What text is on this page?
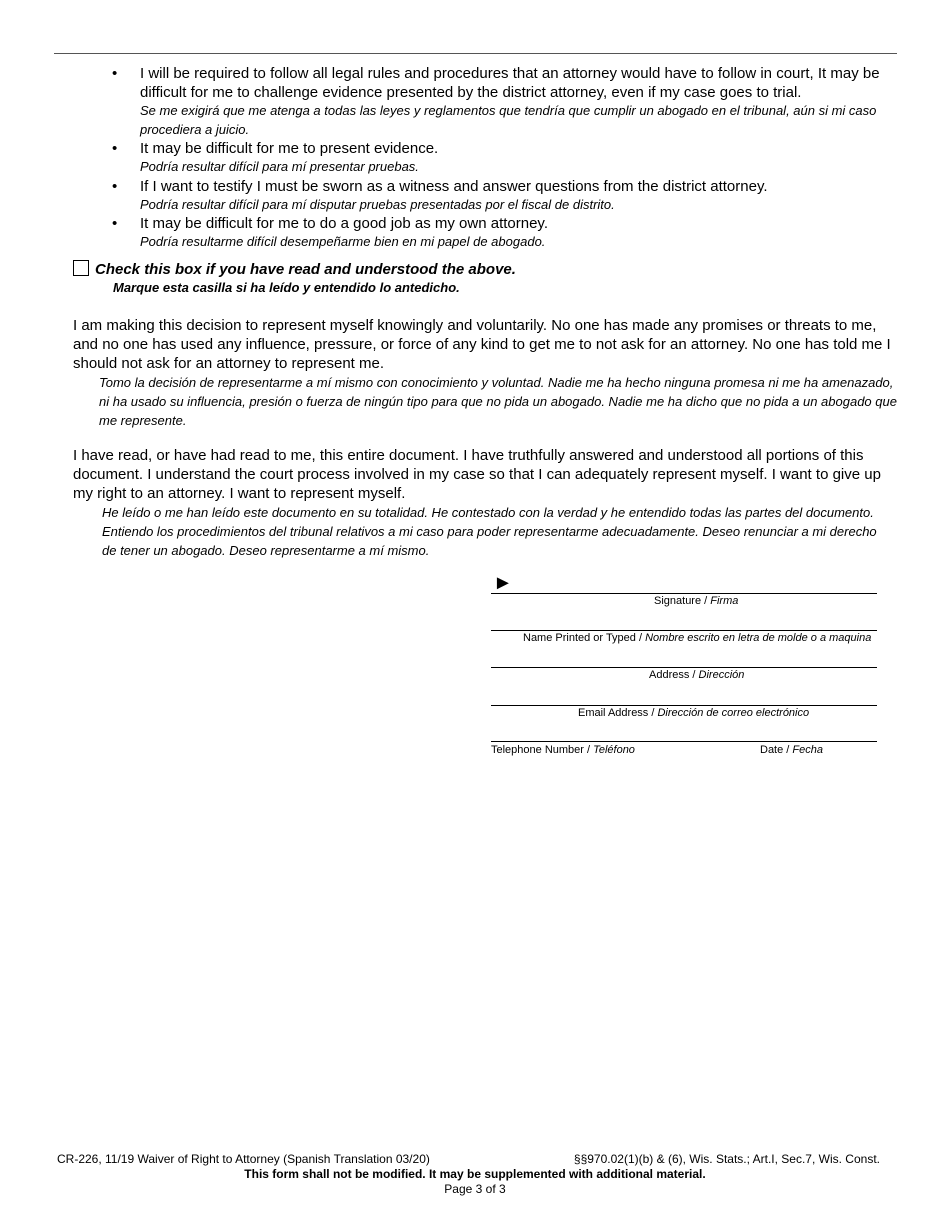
• I will be required to follow all legal rules and procedures that an attorney would have to follow in court, It may be difficult for me to challenge evidence presented by the district attorney, even if my case goes to trial.
Se me exigirá que me atenga a todas las leyes y reglamentos que tendría que cumplir un abogado en el tribunal, aún si mi caso procediera a juicio.
• It may be difficult for me to present evidence.
Podría resultar difícil para mí presentar pruebas.
• If I want to testify I must be sworn as a witness and answer questions from the district attorney.
Podría resultar difícil para mí disputar pruebas presentadas por el fiscal de distrito.
• It may be difficult for me to do a good job as my own attorney.
Podría resultarme difícil desempeñarme bien en mi papel de abogado.
Check this box if you have read and understood the above.
Marque esta casilla si ha leído y entendido lo antedicho.
I am making this decision to represent myself knowingly and voluntarily. No one has made any promises or threats to me, and no one has used any influence, pressure, or force of any kind to get me to not ask for an attorney. No one has told me I should not ask for an attorney to represent me.
Tomo la decisión de representarme a mí mismo con conocimiento y voluntad. Nadie me ha hecho ninguna promesa ni me ha amenazado, ni ha usado su influencia, presión o fuerza de ningún tipo para que no pida un abogado. Nadie me ha dicho que no pida a un abogado que me represente.
I have read, or have had read to me, this entire document. I have truthfully answered and understood all portions of this document. I understand the court process involved in my case so that I can adequately represent myself. I want to give up my right to an attorney. I want to represent myself.
He leído o me han leído este documento en su totalidad. He contestado con la verdad y he entendido todas las partes del documento. Entiendo los procedimientos del tribunal relativos a mi caso para poder representarme adecuadamente. Deseo renunciar a mi derecho de tener un abogado. Deseo representarme a mí mismo.
►
Signature / Firma
Name Printed or Typed / Nombre escrito en letra de molde o a maquina
Address / Dirección
Email Address / Dirección de correo electrónico
Telephone Number / Teléfono	Date / Fecha
CR-226, 11/19 Waiver of Right to Attorney (Spanish Translation 03/20)	§§970.02(1)(b) & (6), Wis. Stats.; Art.I, Sec.7, Wis. Const.
This form shall not be modified. It may be supplemented with additional material.
Page 3 of 3
